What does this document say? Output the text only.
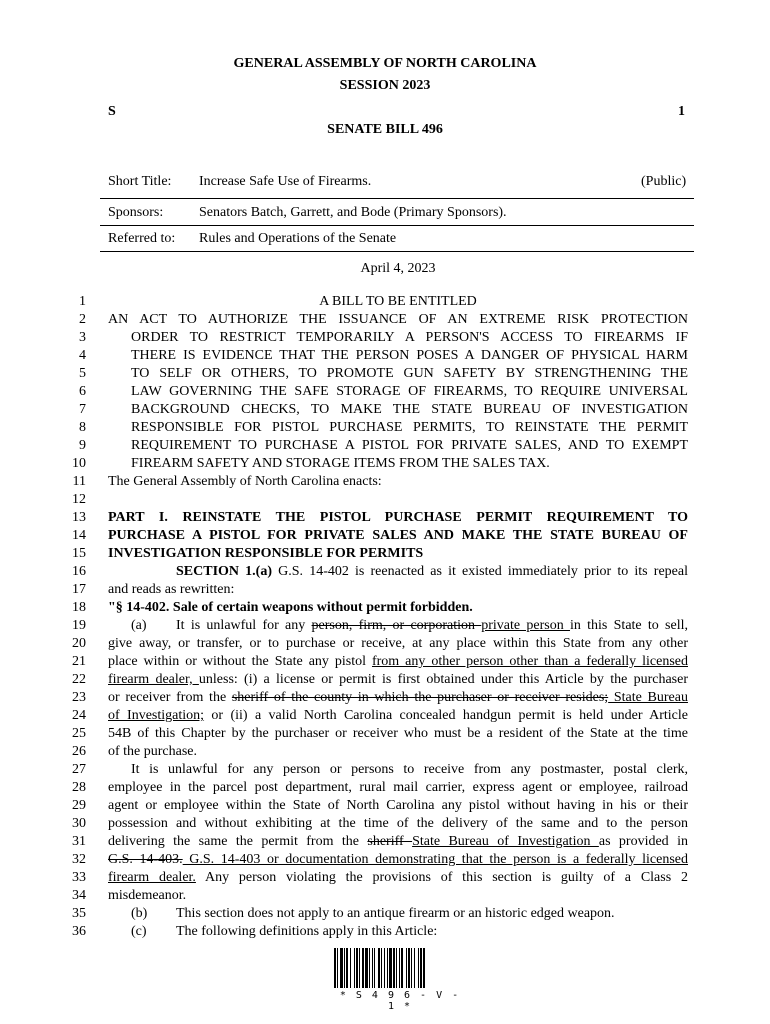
GENERAL ASSEMBLY OF NORTH CAROLINA
SESSION 2023
S	1
SENATE BILL 496
Short Title: Increase Safe Use of Firearms.	(Public)
Sponsors:	Senators Batch, Garrett, and Bode (Primary Sponsors).
Referred to: Rules and Operations of the Senate
April 4, 2023
1
2
3
4
5
6
7
8
9
10
11
12
13
14
15
16
17
18
19
20
21
22
23
24
25
26
27
28
29
30
31
32
33
34
35
36
A BILL TO BE ENTITLED
AN ACT TO AUTHORIZE THE ISSUANCE OF AN EXTREME RISK PROTECTION
ORDER TO RESTRICT TEMPORARILY A PERSON'S ACCESS TO FIREARMS IF
THERE IS EVIDENCE THAT THE PERSON POSES A DANGER OF PHYSICAL HARM
TO SELF OR OTHERS, TO PROMOTE GUN SAFETY BY STRENGTHENING THE
LAW GOVERNING THE SAFE STORAGE OF FIREARMS, TO REQUIRE UNIVERSAL
BACKGROUND CHECKS, TO MAKE THE STATE BUREAU OF INVESTIGATION
RESPONSIBLE FOR PISTOL PURCHASE PERMITS, TO REINSTATE THE PERMIT
REQUIREMENT TO PURCHASE A PISTOL FOR PRIVATE SALES, AND TO EXEMPT
FIREARM SAFETY AND STORAGE ITEMS FROM THE SALES TAX.
The General Assembly of North Carolina enacts:
PART I. REINSTATE THE PISTOL PURCHASE PERMIT REQUIREMENT TO
PURCHASE A PISTOL FOR PRIVATE SALES AND MAKE THE STATE BUREAU OF
INVESTIGATION RESPONSIBLE FOR PERMITS
SECTION 1.(a) G.S. 14-402 is reenacted as it existed immediately prior to its repeal
and reads as rewritten:
"§ 14-402. Sale of certain weapons without permit forbidden.
(a)	It is unlawful for any person, firm, or corporation private person in this State to sell,
give away, or transfer, or to purchase or receive, at any place within this State from any other
place within or without the State any pistol from any other person other than a federally licensed
firearm dealer, unless: (i) a license or permit is first obtained under this Article by the purchaser
or receiver from the sheriff of the county in which the purchaser or receiver resides; State Bureau
of Investigation; or (ii) a valid North Carolina concealed handgun permit is held under Article
54B of this Chapter by the purchaser or receiver who must be a resident of the State at the time
of the purchase.
It is unlawful for any person or persons to receive from any postmaster, postal clerk,
employee in the parcel post department, rural mail carrier, express agent or employee, railroad
agent or employee within the State of North Carolina any pistol without having in his or their
possession and without exhibiting at the time of the delivery of the same and to the person
delivering the same the permit from the sheriff State Bureau of Investigation as provided in
G.S. 14-403. G.S. 14-403 or documentation demonstrating that the person is a federally licensed
firearm dealer. Any person violating the provisions of this section is guilty of a Class 2
misdemeanor.
(b)	This section does not apply to an antique firearm or an historic edged weapon.
(c)	The following definitions apply in this Article:
* S 4 9 6 - V - 1 *
